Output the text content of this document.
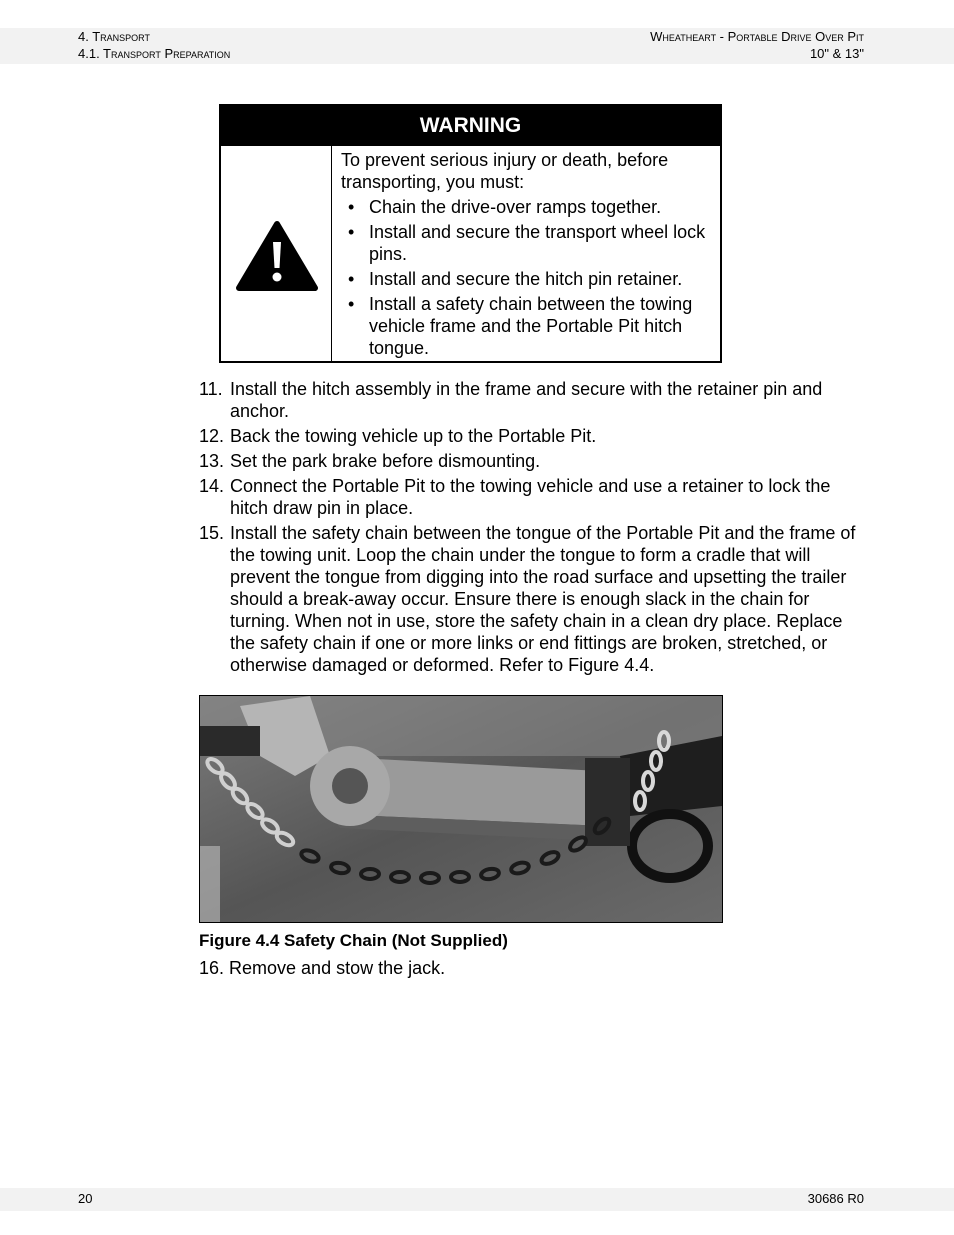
4. Transport
4.1. Transport Preparation
Wheatheart - Portable Drive Over Pit
10" & 13"
WARNING

To prevent serious injury or death, before transporting, you must:

• Chain the drive-over ramps together.
• Install and secure the transport wheel lock pins.
• Install and secure the hitch pin retainer.
• Install a safety chain between the towing vehicle frame and the Portable Pit hitch tongue.
11. Install the hitch assembly in the frame and secure with the retainer pin and anchor.
12. Back the towing vehicle up to the Portable Pit.
13. Set the park brake before dismounting.
14. Connect the Portable Pit to the towing vehicle and use a retainer to lock the hitch draw pin in place.
15. Install the safety chain between the tongue of the Portable Pit and the frame of the towing unit. Loop the chain under the tongue to form a cradle that will prevent the tongue from digging into the road surface and upsetting the trailer should a break-away occur. Ensure there is enough slack in the chain for turning. When not in use, store the safety chain in a clean dry place. Replace the safety chain if one or more links or end fittings are broken, stretched, or otherwise damaged or deformed. Refer to Figure 4.4.
Figure 4.4 Safety Chain (Not Supplied)
16. Remove and stow the jack.
20	30686 R0
